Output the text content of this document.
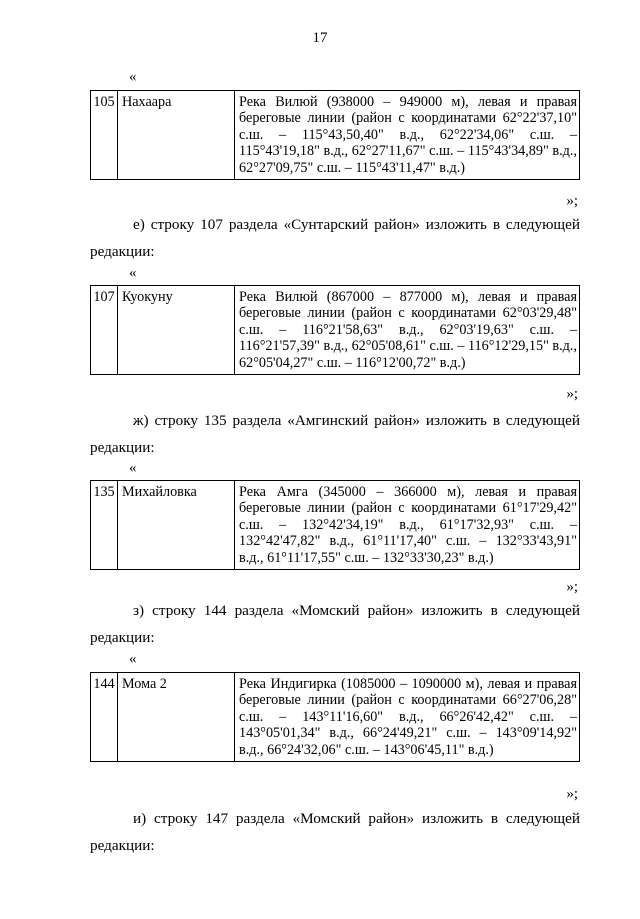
17
«
105	Нахаара	Река Вилюй (938000 – 949000 м), левая и правая береговые линии (район с координатами 62°22'37,10" с.ш. – 115°43,50,40" в.д., 62°22'34,06" с.ш. – 115°43'19,18" в.д., 62°27'11,67" с.ш. – 115°43'34,89" в.д., 62°27'09,75" с.ш. – 115°43'11,47" в.д.)
»;
е) строку 107 раздела «Сунтарский район» изложить в следующей
редакции:
«
107	Куокуну	Река Вилюй (867000 – 877000 м), левая и правая береговые линии (район с координатами 62°03'29,48" с.ш. – 116°21'58,63" в.д., 62°03'19,63" с.ш. – 116°21'57,39" в.д., 62°05'08,61" с.ш. – 116°12'29,15" в.д., 62°05'04,27" с.ш. – 116°12'00,72" в.д.)
»;
ж) строку 135 раздела «Амгинский район» изложить в следующей
редакции:
«
135	Михайловка	Река Амга (345000 – 366000 м), левая и правая береговые линии (район с координатами 61°17'29,42" с.ш. – 132°42'34,19" в.д., 61°17'32,93" с.ш. – 132°42'47,82" в.д., 61°11'17,40" с.ш. – 132°33'43,91" в.д., 61°11'17,55" с.ш. – 132°33'30,23" в.д.)
»;
з) строку 144 раздела «Момский район» изложить в следующей
редакции:
«
144	Мома 2	Река Индигирка (1085000 – 1090000 м), левая и правая береговые линии (район с координатами 66°27'06,28" с.ш. – 143°11'16,60" в.д., 66°26'42,42" с.ш. – 143°05'01,34" в.д., 66°24'49,21" с.ш. – 143°09'14,92" в.д., 66°24'32,06" с.ш. – 143°06'45,11" в.д.)
»;
и) строку 147 раздела «Момский район» изложить в следующей
редакции:
